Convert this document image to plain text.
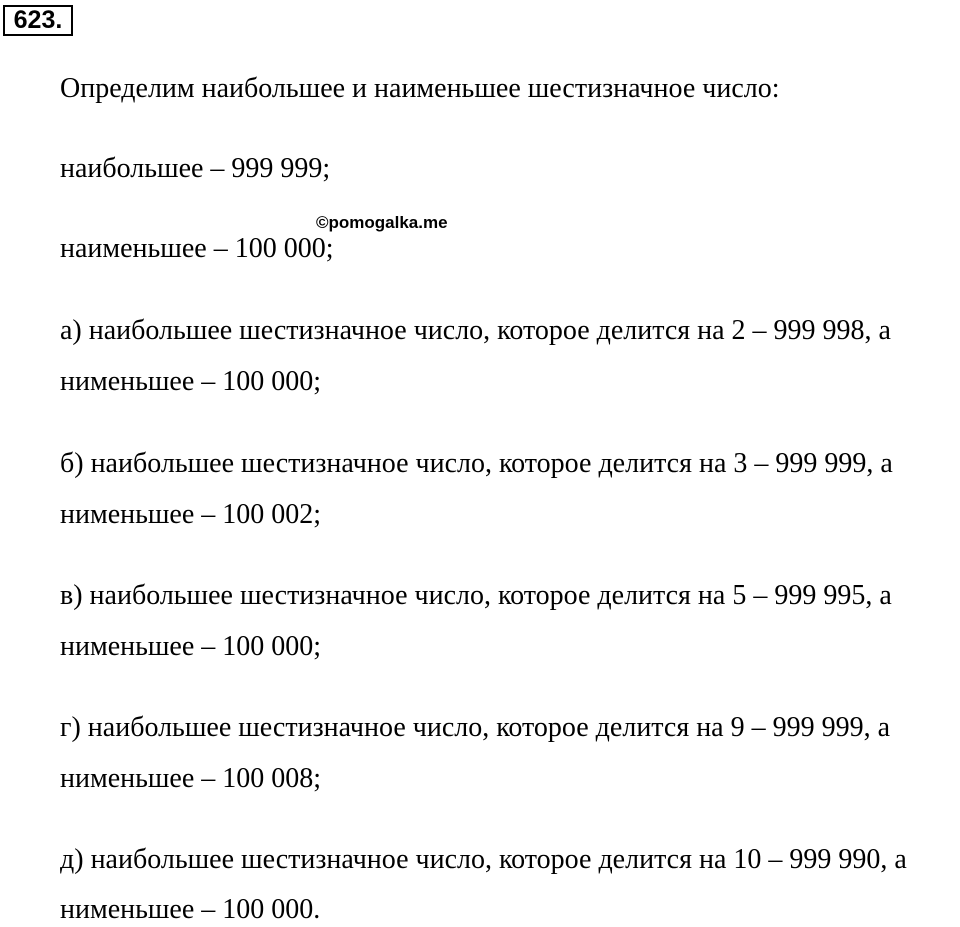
623.
Определим наибольшее и наименьшее шестизначное число:
наибольшее – 999 999;
©pomogalka.me
наименьшее – 100 000;
а) наибольшее шестизначное число, которое делится на 2 – 999 998, а
нименьшее – 100 000;
б) наибольшее шестизначное число, которое делится на 3 – 999 999, а
нименьшее – 100 002;
в) наибольшее шестизначное число, которое делится на 5 – 999 995, а
нименьшее – 100 000;
г) наибольшее шестизначное число, которое делится на 9 – 999 999, а
нименьшее – 100 008;
д) наибольшее шестизначное число, которое делится на 10 – 999 990, а
нименьшее – 100 000.
